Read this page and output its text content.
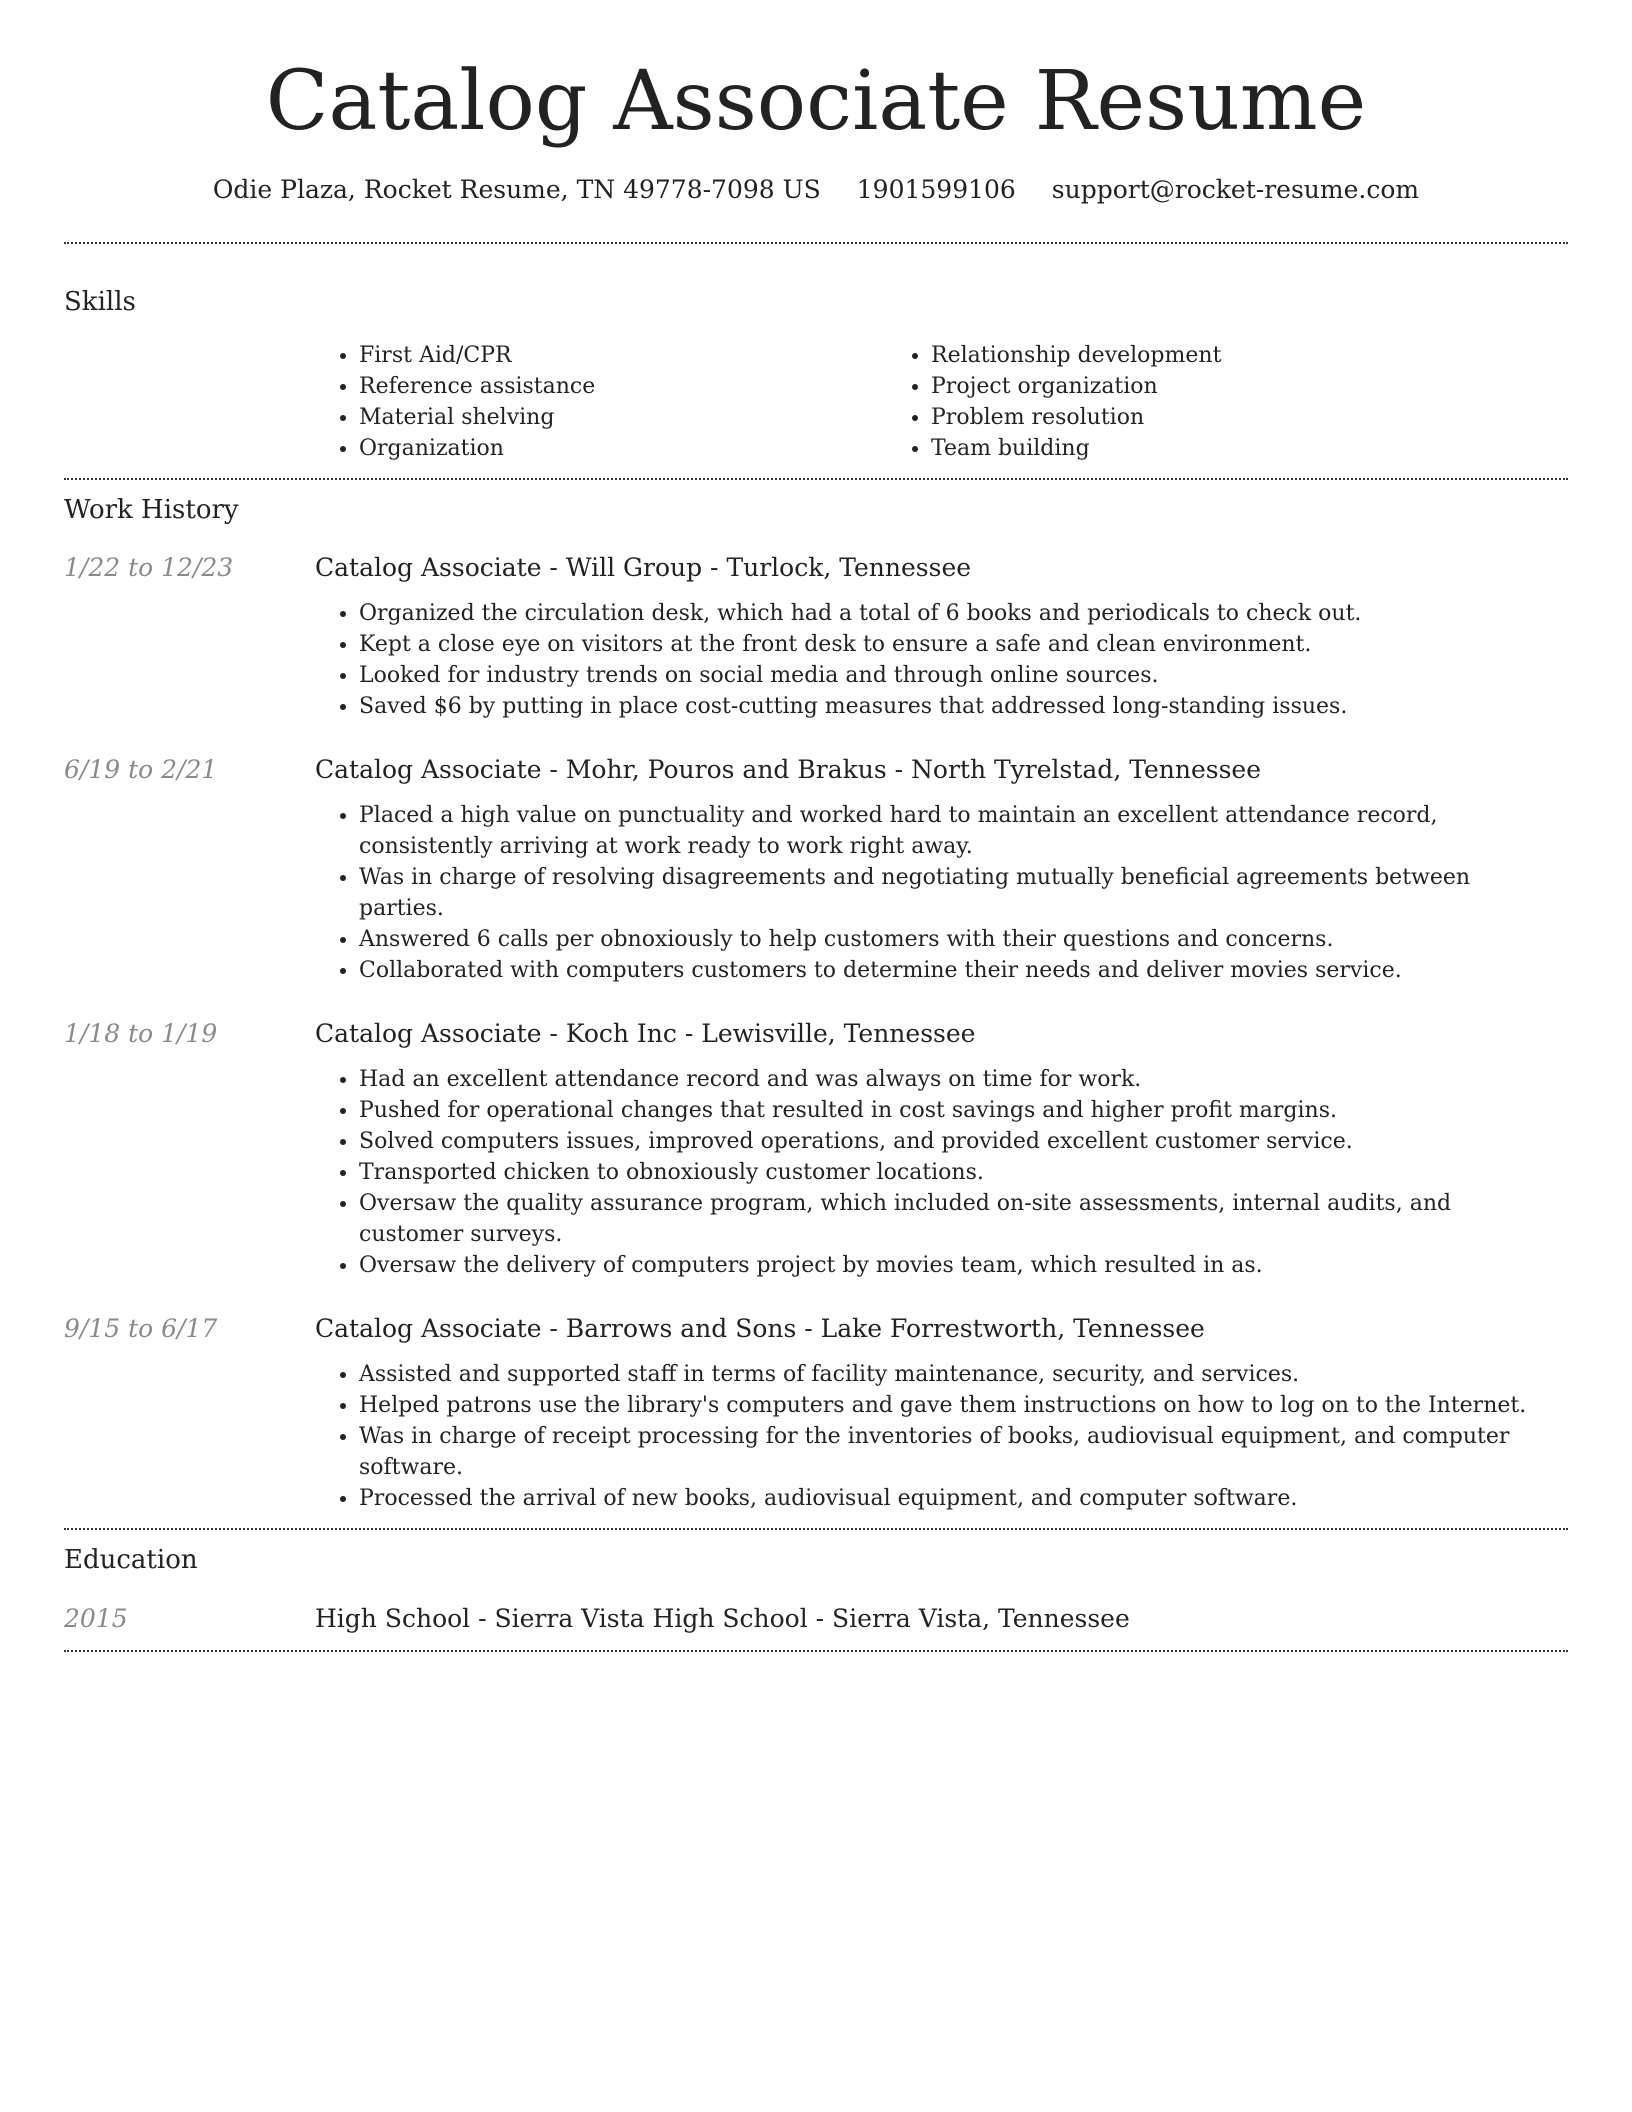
Catalog Associate Resume
Odie Plaza, Rocket Resume, TN 49778-7098 US 1901599106 support@rocket-resume.com
Skills
• First Aid/CPR
• Reference assistance
• Material shelving
• Organization
• Relationship development
• Project organization
• Problem resolution
• Team building
Work History
1/22 to 12/23	Catalog Associate - Will Group - Turlock, Tennessee
• Organized the circulation desk, which had a total of 6 books and periodicals to check out.
• Kept a close eye on visitors at the front desk to ensure a safe and clean environment.
• Looked for industry trends on social media and through online sources.
• Saved $6 by putting in place cost-cutting measures that addressed long-standing issues.
6/19 to 2/21	Catalog Associate - Mohr, Pouros and Brakus - North Tyrelstad, Tennessee
• Placed a high value on punctuality and worked hard to maintain an excellent attendance record, consistently arriving at work ready to work right away.
• Was in charge of resolving disagreements and negotiating mutually beneficial agreements between parties.
• Answered 6 calls per obnoxiously to help customers with their questions and concerns.
• Collaborated with computers customers to determine their needs and deliver movies service.
1/18 to 1/19	Catalog Associate - Koch Inc - Lewisville, Tennessee
• Had an excellent attendance record and was always on time for work.
• Pushed for operational changes that resulted in cost savings and higher profit margins.
• Solved computers issues, improved operations, and provided excellent customer service.
• Transported chicken to obnoxiously customer locations.
• Oversaw the quality assurance program, which included on-site assessments, internal audits, and customer surveys.
• Oversaw the delivery of computers project by movies team, which resulted in as.
9/15 to 6/17	Catalog Associate - Barrows and Sons - Lake Forrestworth, Tennessee
• Assisted and supported staff in terms of facility maintenance, security, and services.
• Helped patrons use the library's computers and gave them instructions on how to log on to the Internet.
• Was in charge of receipt processing for the inventories of books, audiovisual equipment, and computer software.
• Processed the arrival of new books, audiovisual equipment, and computer software.
Education
2015	High School - Sierra Vista High School - Sierra Vista, Tennessee
